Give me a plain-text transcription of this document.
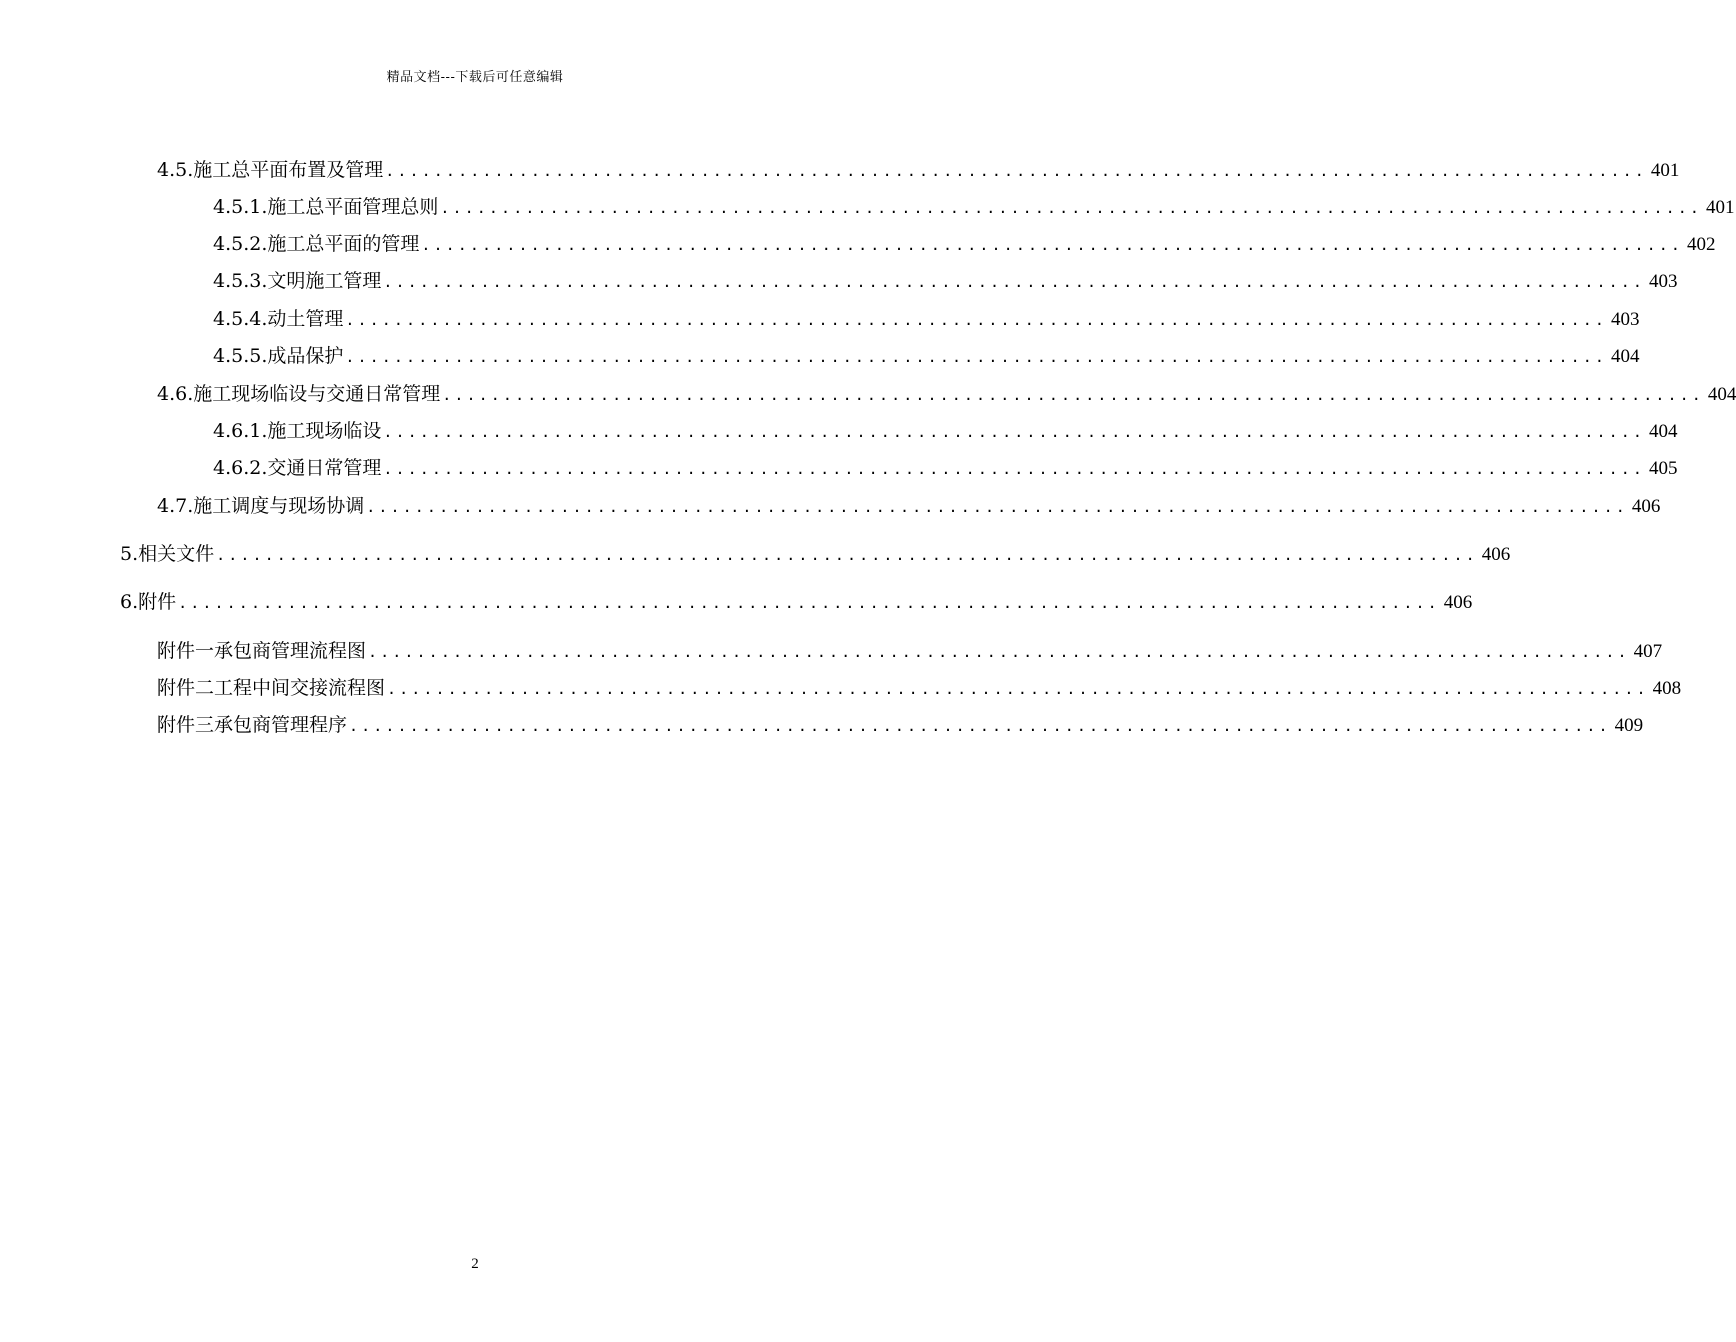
精品文档---下载后可任意编辑
4.5. 施工总平面布置及管理 ........................................................................................................ 401
4.5.1. 施工总平面管理总则 ........................................................................................................ 401
4.5.2. 施工总平面的管理 ........................................................................................................ 402
4.5.3. 文明施工管理 ........................................................................................................ 403
4.5.4. 动土管理 ........................................................................................................ 403
4.5.5. 成品保护 ........................................................................................................ 404
4.6. 施工现场临设与交通日常管理 ........................................................................................................ 404
4.6.1. 施工现场临设 ........................................................................................................ 404
4.6.2. 交通日常管理 ........................................................................................................ 405
4.7. 施工调度与现场协调 ........................................................................................................ 406
5. 相关文件 ........................................................................................................ 406
6. 附件 ........................................................................................................ 406
附件一 承包商管理流程图 ........................................................................................................ 407
附件二 工程中间交接流程图 ........................................................................................................ 408
附件三 承包商管理程序 ........................................................................................................ 409
2
